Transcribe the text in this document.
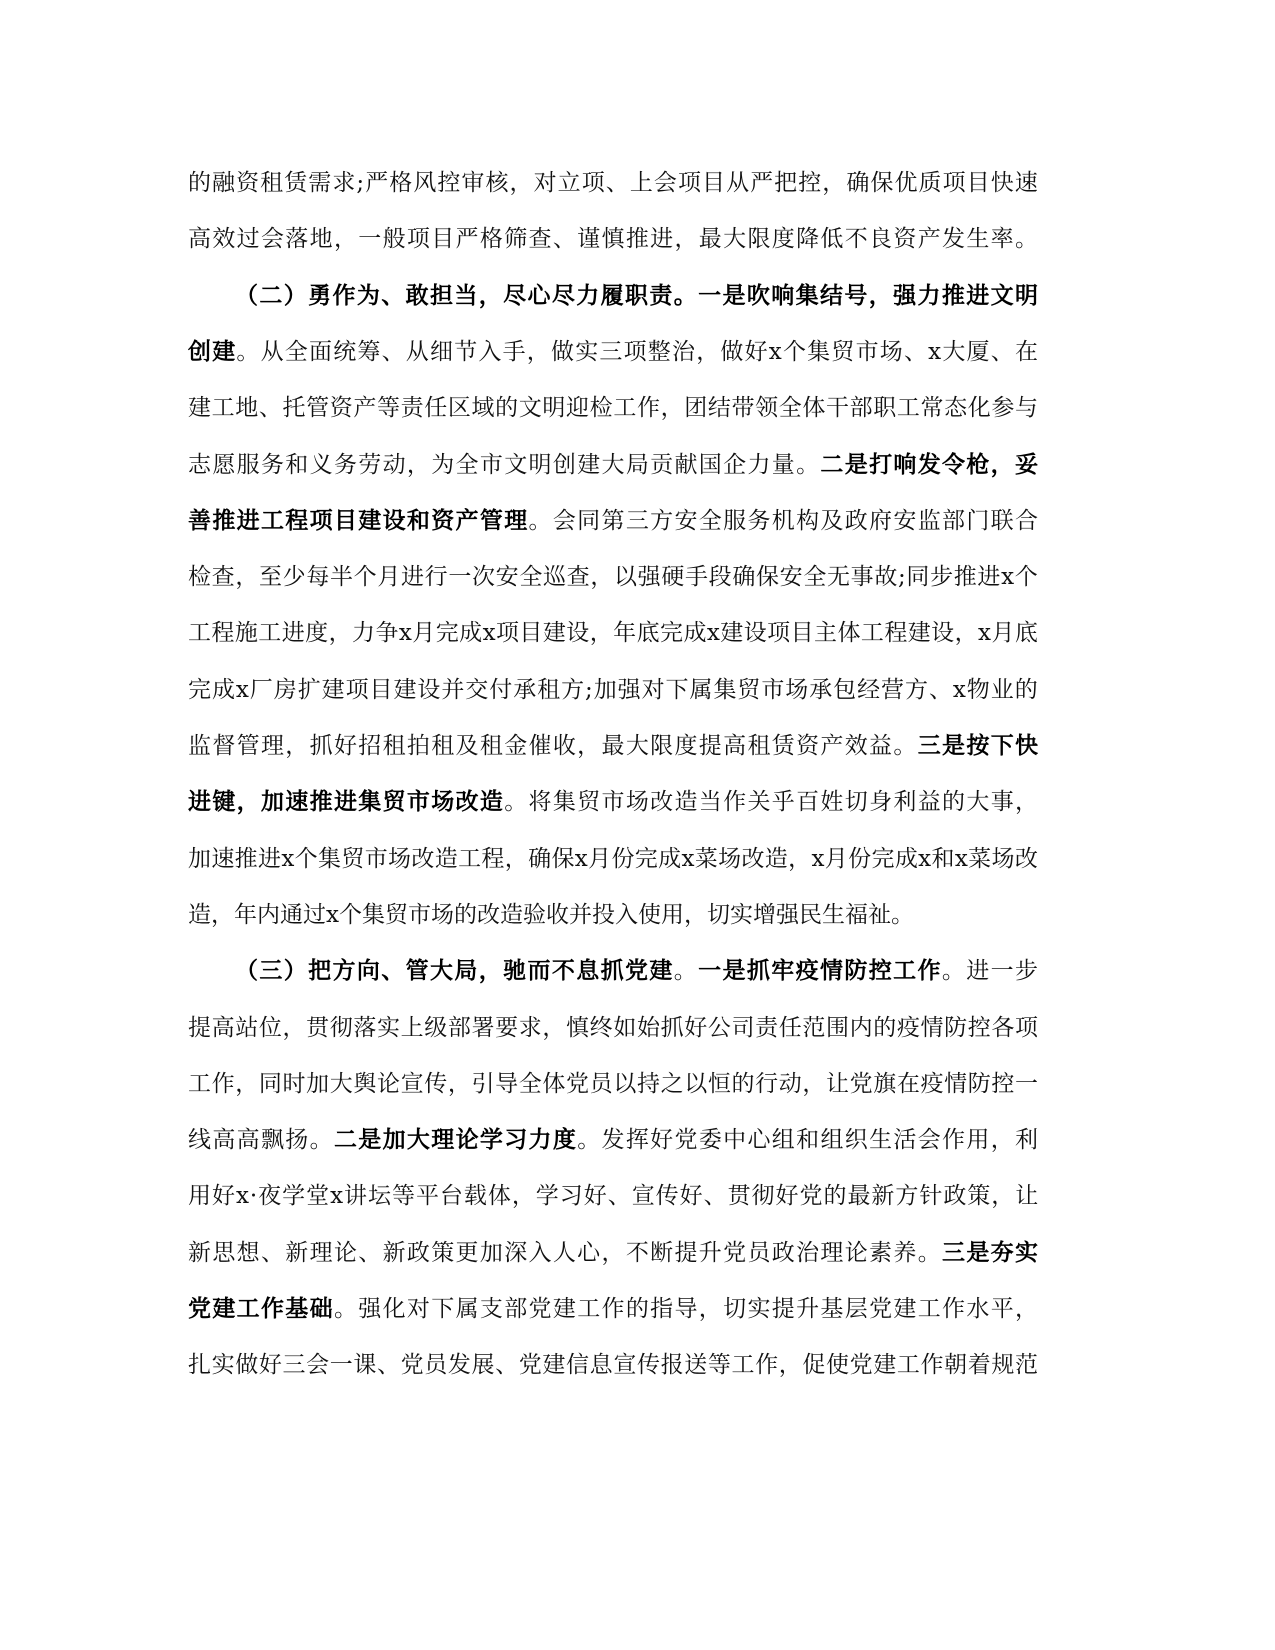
的融资租赁需求;严格风控审核，对立项、上会项目从严把控，确保优质项目快速
高效过会落地，一般项目严格筛查、谨慎推进，最大限度降低不良资产发生率。
（二）勇作为、敢担当，尽心尽力履职责。一是吹响集结号，强力推进文明
创建。从全面统筹、从细节入手，做实三项整治，做好x个集贸市场、x大厦、在
建工地、托管资产等责任区域的文明迎检工作，团结带领全体干部职工常态化参与
志愿服务和义务劳动，为全市文明创建大局贡献国企力量。二是打响发令枪，妥
善推进工程项目建设和资产管理。会同第三方安全服务机构及政府安监部门联合
检查，至少每半个月进行一次安全巡查，以强硬手段确保安全无事故;同步推进x个
工程施工进度，力争x月完成x项目建设，年底完成x建设项目主体工程建设，x月底
完成x厂房扩建项目建设并交付承租方;加强对下属集贸市场承包经营方、x物业的
监督管理，抓好招租拍租及租金催收，最大限度提高租赁资产效益。三是按下快
进键，加速推进集贸市场改造。将集贸市场改造当作关乎百姓切身利益的大事，
加速推进x个集贸市场改造工程，确保x月份完成x菜场改造，x月份完成x和x菜场改
造，年内通过x个集贸市场的改造验收并投入使用，切实增强民生福祉。
（三）把方向、管大局，驰而不息抓党建。一是抓牢疫情防控工作。进一步
提高站位，贯彻落实上级部署要求，慎终如始抓好公司责任范围内的疫情防控各项
工作，同时加大舆论宣传，引导全体党员以持之以恒的行动，让党旗在疫情防控一
线高高飘扬。二是加大理论学习力度。发挥好党委中心组和组织生活会作用，利
用好x·夜学堂x讲坛等平台载体，学习好、宣传好、贯彻好党的最新方针政策，让
新思想、新理论、新政策更加深入人心，不断提升党员政治理论素养。三是夯实
党建工作基础。强化对下属支部党建工作的指导，切实提升基层党建工作水平，
扎实做好三会一课、党员发展、党建信息宣传报送等工作，促使党建工作朝着规范
